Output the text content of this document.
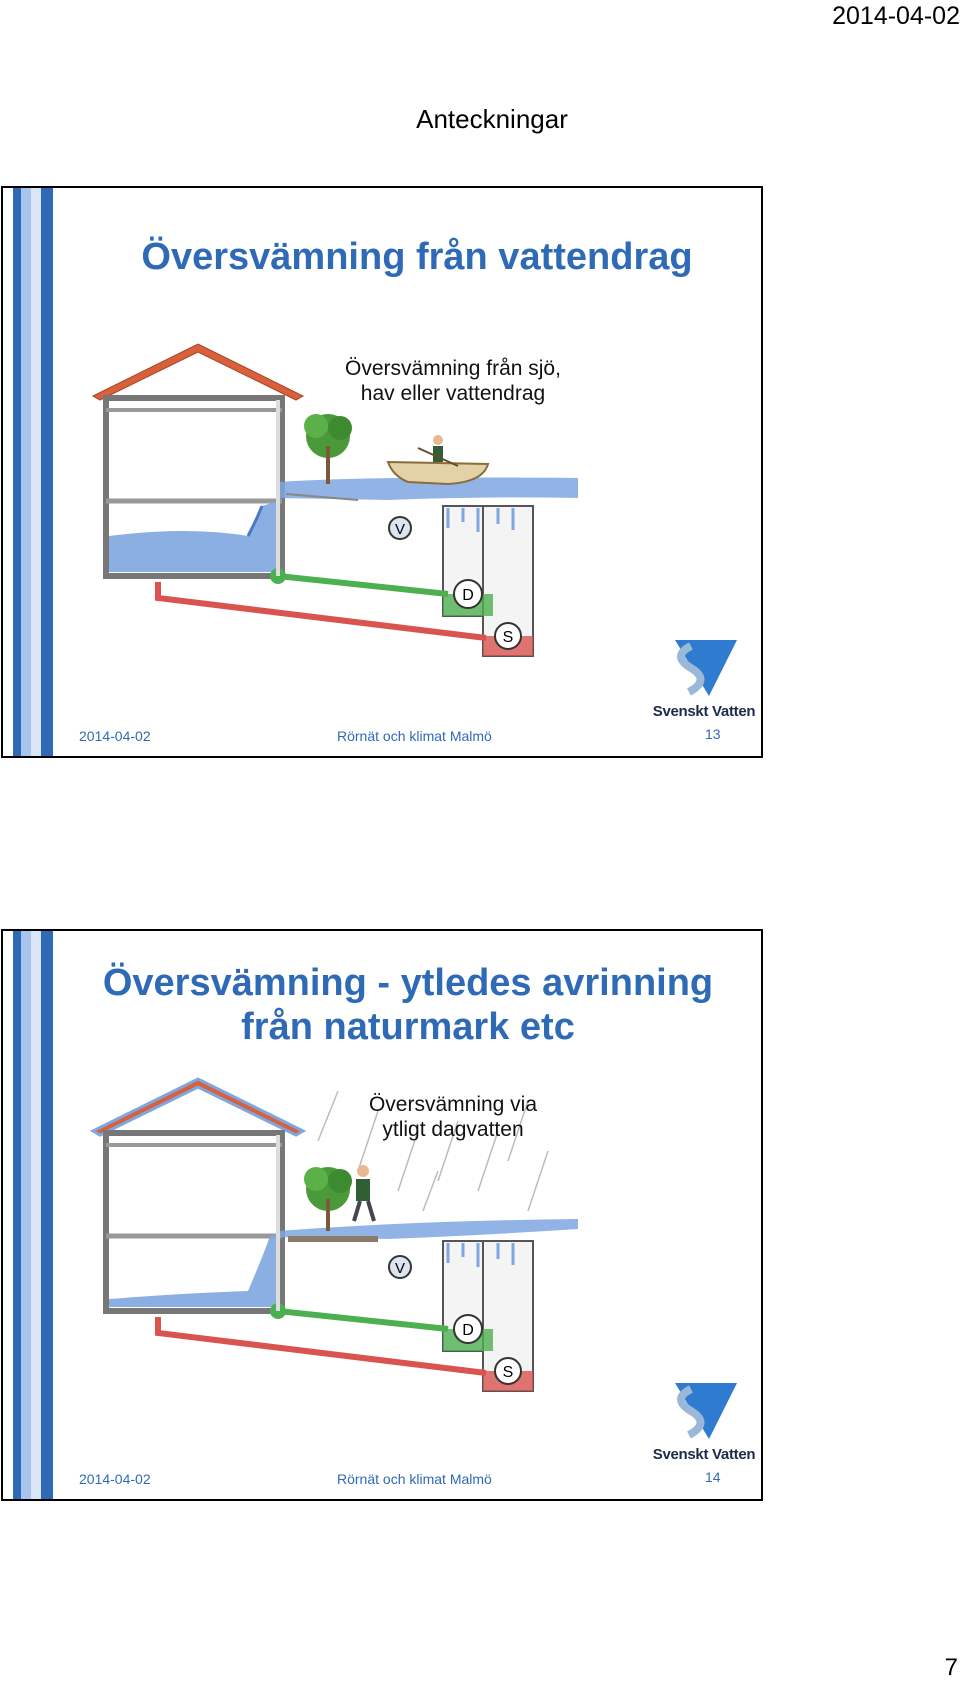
2014-04-02
Anteckningar
Översvämning från vattendrag
V
D
S
Översvämning från sjö,
hav eller vattendrag
Svenskt Vatten
2014-04-02	Rörnät och klimat Malmö	13
Översvämning - ytledes avrinning
från naturmark etc
V
D
S
Översvämning via
ytligt dagvatten
Svenskt Vatten
2014-04-02	Rörnät och klimat Malmö	14
7
